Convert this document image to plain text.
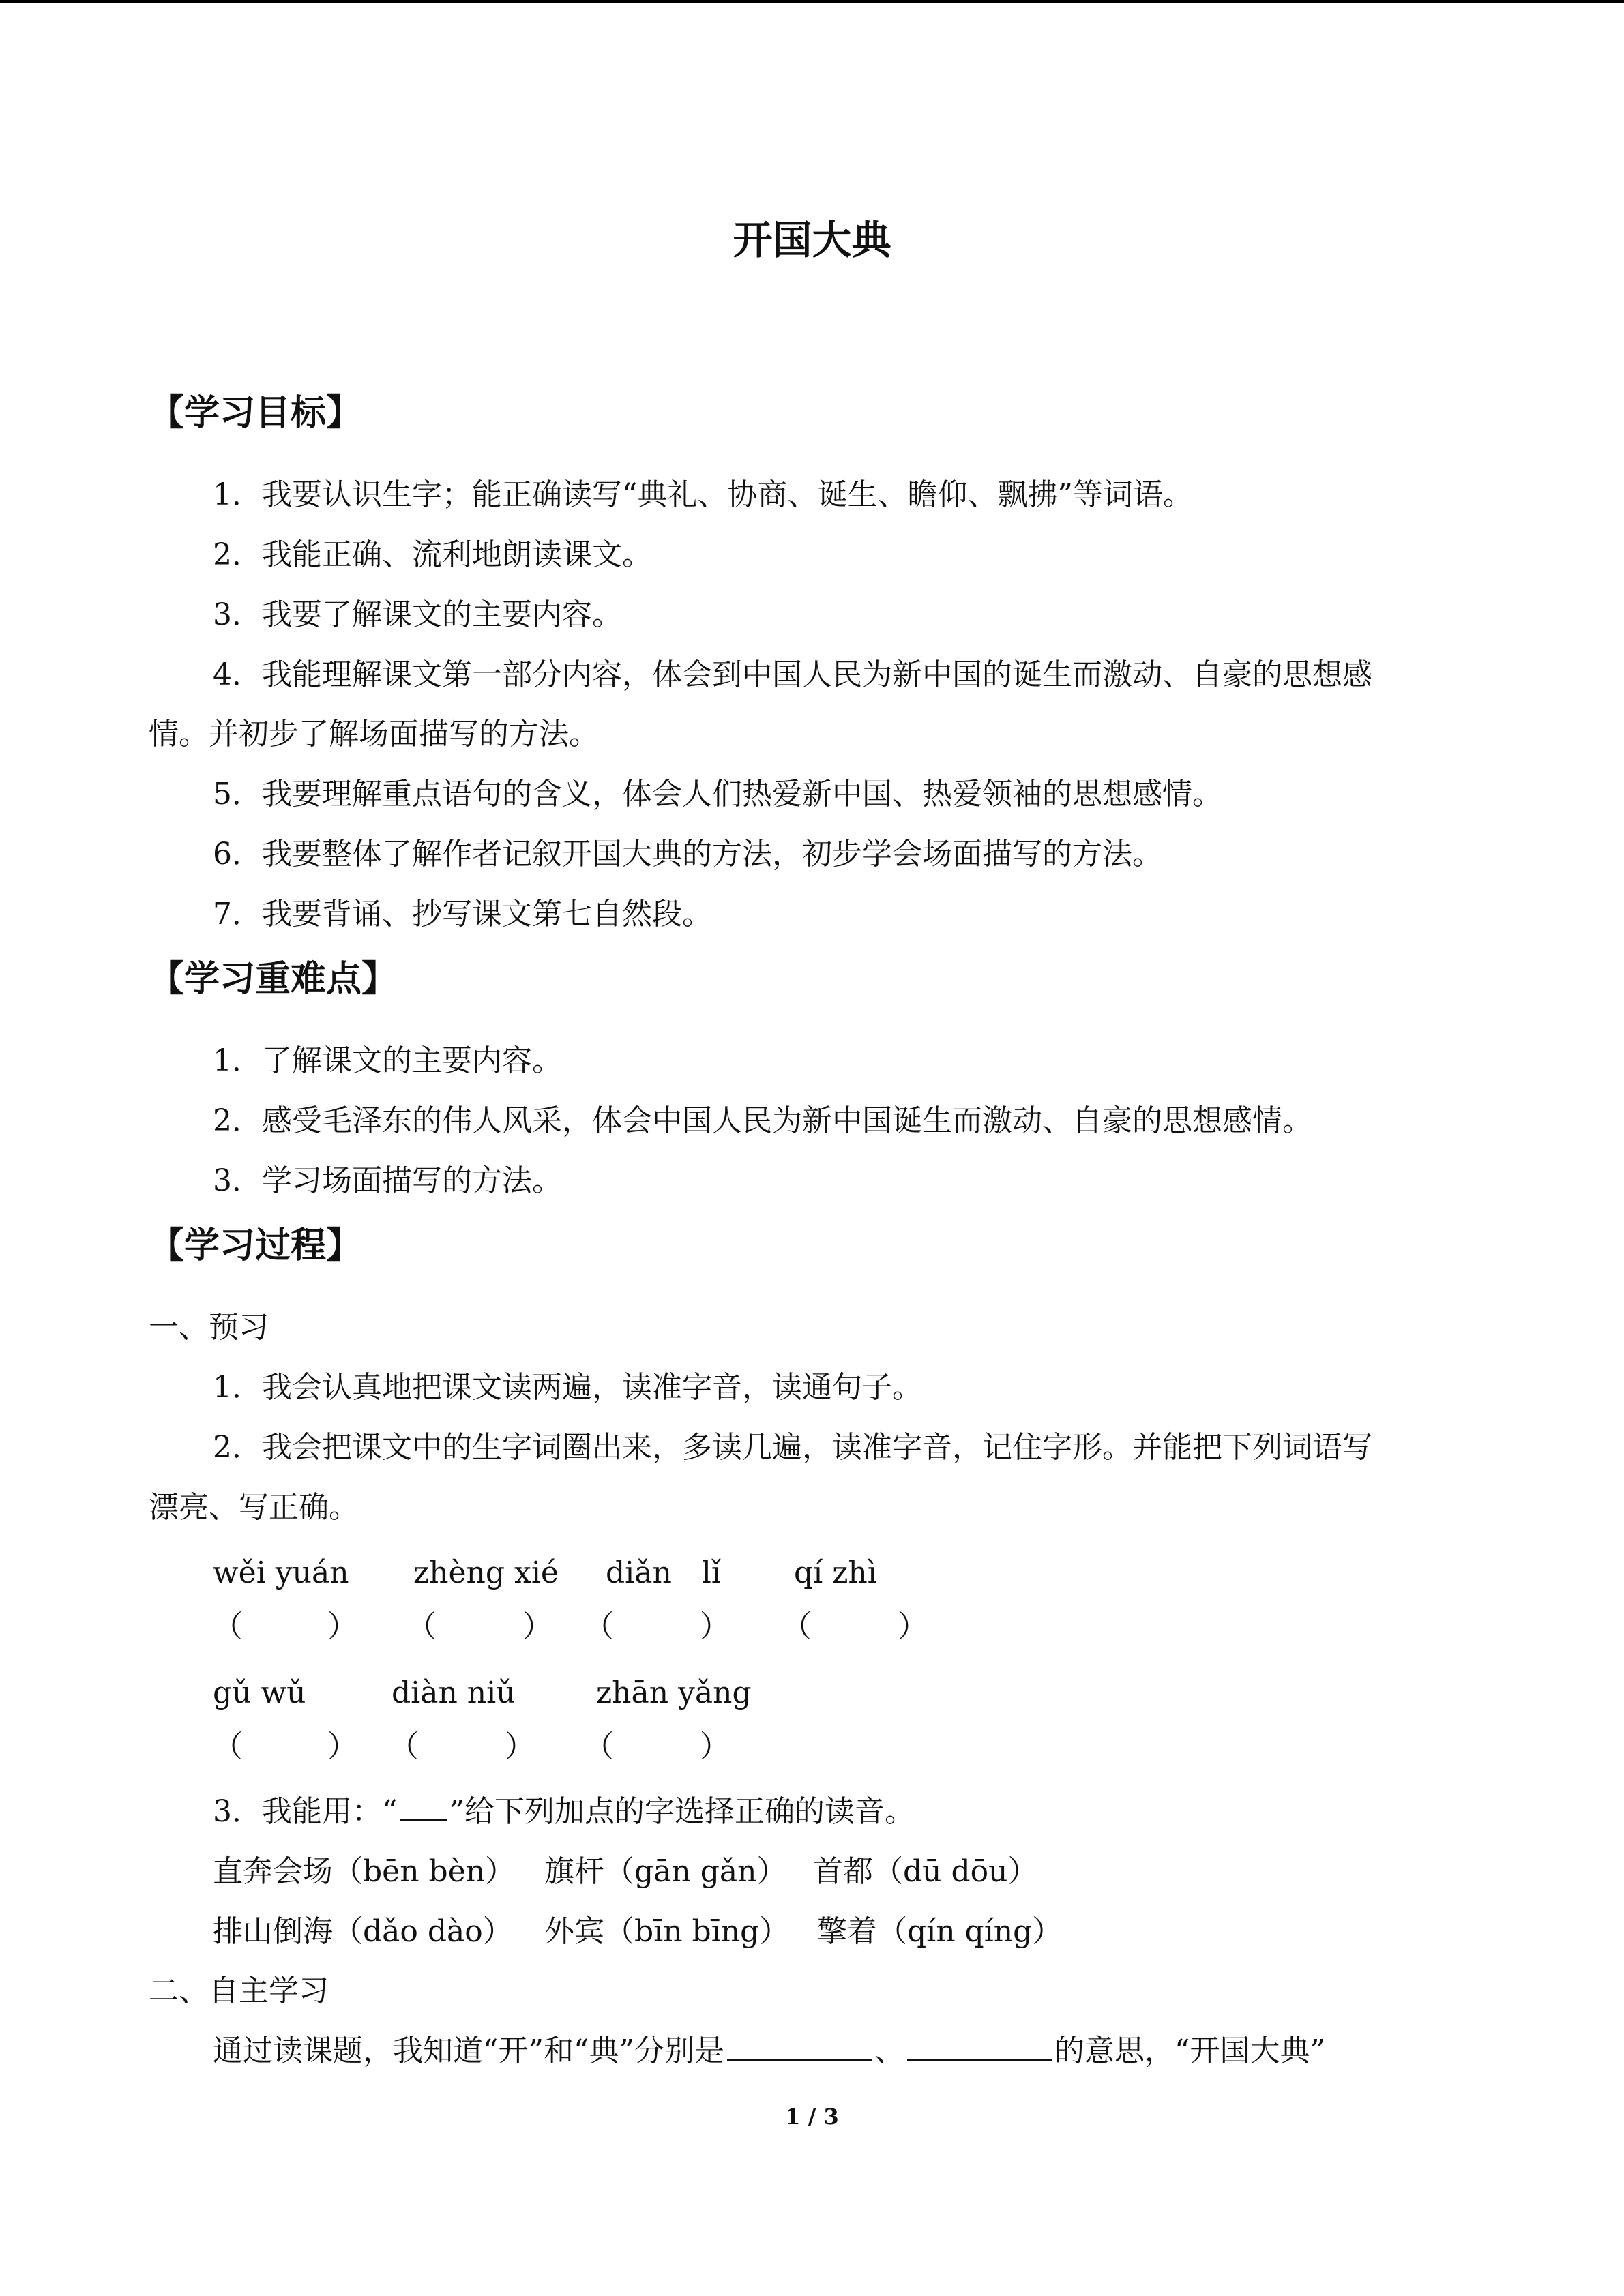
开国大典
【学习目标】
1．我要认识生字；能正确读写“典礼、协商、诞生、瞻仰、飘拂”等词语。
2．我能正确、流利地朗读课文。
3．我要了解课文的主要内容。
4．我能理解课文第一部分内容，体会到中国人民为新中国的诞生而激动、自豪的思想感
情。并初步了解场面描写的方法。
5．我要理解重点语句的含义，体会人们热爱新中国、热爱领袖的思想感情。
6．我要整体了解作者记叙开国大典的方法，初步学会场面描写的方法。
7．我要背诵、抄写课文第七自然段。
【学习重难点】
1．了解课文的主要内容。
2．感受毛泽东的伟人风采，体会中国人民为新中国诞生而激动、自豪的思想感情。
3．学习场面描写的方法。
【学习过程】
一、预习
1．我会认真地把课文读两遍，读准字音，读通句子。
2．我会把课文中的生字词圈出来，多读几遍，读准字音，记住字形。并能把下列词语写
漂亮、写正确。
wěi yuán zhèng xié diǎn　lǐ qí zhì
（	） （	） （	） （	）
gǔ wǔ	diàn niǔ	zhān yǎng
（	） （	） （	）
3．我能用：“ ”给下列加点的字选择正确的读音。
直奔会场（bēn bèn） 旗杆（gān gǎn） 首都（dū dōu）
排山倒海（dǎo dào） 外宾（bīn bīng） 擎着（qín qíng）
二、自主学习
通过读课题，我知道“开”和“典”分别是	、	的意思，“开国大典”
1 / 3
